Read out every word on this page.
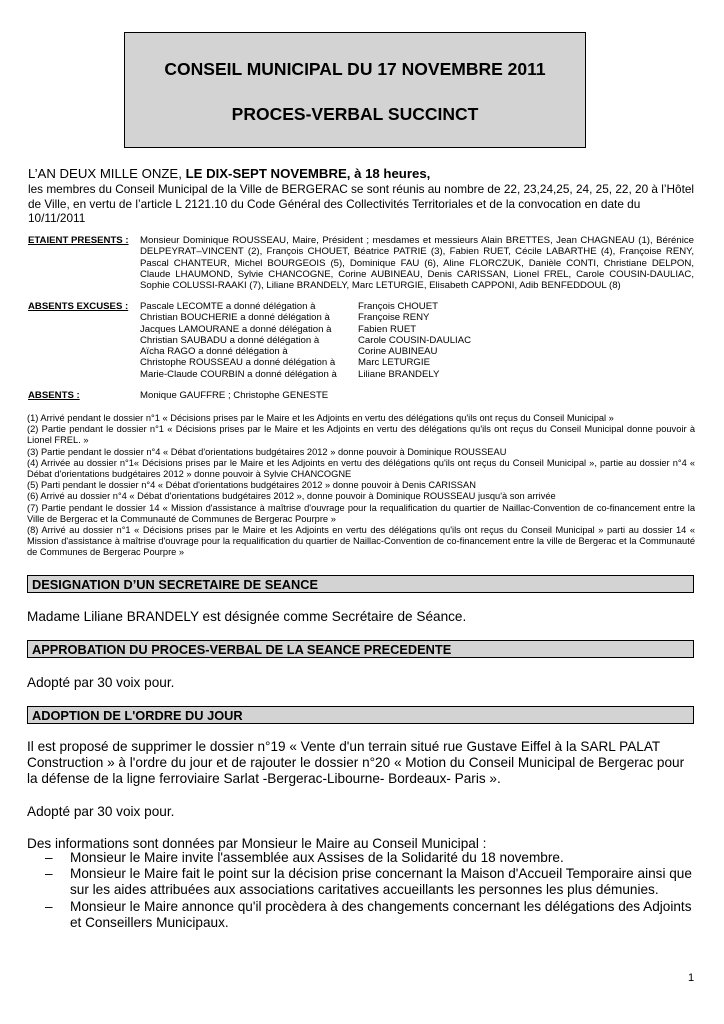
CONSEIL MUNICIPAL DU 17 NOVEMBRE 2011
PROCES-VERBAL SUCCINCT
L’AN DEUX MILLE ONZE, LE DIX-SEPT NOVEMBRE, à 18 heures,
les membres du Conseil Municipal de la Ville de BERGERAC se sont réunis au nombre de 22, 23,24,25, 24, 25, 22, 20 à l’Hôtel de Ville, en vertu de l’article L 2121.10 du Code Général des Collectivités Territoriales et de la convocation en date du 10/11/2011
ETAIENT PRESENTS : Monsieur Dominique ROUSSEAU, Maire, Président ; mesdames et messieurs Alain BRETTES, Jean CHAGNEAU (1), Bérénice DELPEYRAT–VINCENT (2), François CHOUET, Béatrice PATRIE (3), Fabien RUET, Cécile LABARTHE (4), Françoise RENY, Pascal CHANTEUR, Michel BOURGEOIS (5), Dominique FAU (6), Aline FLORCZUK, Danièle CONTI, Christiane DELPON, Claude LHAUMOND, Sylvie CHANCOGNE, Corine AUBINEAU, Denis CARISSAN, Lionel FREL, Carole COUSIN-DAULIAC, Sophie COLUSSI-RAAKI (7), Liliane BRANDELY, Marc LETURGIE, Elisabeth CAPPONI, Adib BENFEDDOUL (8)
ABSENTS EXCUSES : Pascale LECOMTE a donné délégation à	François CHOUET
Christian BOUCHERIE a donné délégation à	Françoise RENY
Jacques LAMOURANE a donné délégation à	Fabien RUET
Christian SAUBADU a donné délégation à	Carole COUSIN-DAULIAC
Aïcha RAGO a donné délégation à	Corine AUBINEAU
Christophe ROUSSEAU a donné délégation à Marc LETURGIE
Marie-Claude COURBIN a donné délégation à Liliane BRANDELY
ABSENTS :	Monique GAUFFRE ; Christophe GENESTE

(1) Arrivé pendant le dossier n°1 « Décisions prises par le Maire et les Adjoints en vertu des délégations qu'ils ont reçus du Conseil Municipal »

(2) Partie pendant le dossier n°1 « Décisions prises par le Maire et les Adjoints en vertu des délégations qu'ils ont reçus du Conseil Municipal donne pouvoir à Lionel FREL. »

(3) Partie pendant le dossier n°4 « Débat d'orientations budgétaires 2012 » donne pouvoir à Dominique ROUSSEAU

(4) Arrivée au dossier n°1« Décisions prises par le Maire et les Adjoints en vertu des délégations qu'ils ont reçus du Conseil Municipal », partie au dossier n°4 « Débat d'orientations budgétaires 2012 » donne pouvoir à Sylvie CHANCOGNE

(5) Parti pendant le dossier n°4 « Débat d'orientations budgétaires 2012 » donne pouvoir à Denis CARISSAN

(6) Arrivé au dossier n°4 « Débat d'orientations budgétaires 2012 », donne pouvoir à Dominique ROUSSEAU jusqu'à son arrivée

(7) Partie pendant le dossier 14 « Mission d'assistance à maîtrise d'ouvrage pour la requalification du quartier de Naillac-Convention de co-financement entre la Ville de Bergerac et la Communauté de Communes de Bergerac Pourpre »

(8) Arrivé au dossier n°1 « Décisions prises par le Maire et les Adjoints en vertu des délégations qu'ils ont reçus du Conseil Municipal » parti au dossier 14 « Mission d'assistance à maîtrise d'ouvrage pour la requalification du quartier de Naillac-Convention de co-financement entre la ville de Bergerac et la Communauté de Communes de Bergerac Pourpre »

DESIGNATION D’UN SECRETAIRE DE SEANCE
Madame Liliane BRANDELY est désignée comme Secrétaire de Séance.
APPROBATION DU PROCES-VERBAL DE LA SEANCE PRECEDENTE
Adopté par 30 voix pour.
ADOPTION DE L'ORDRE DU JOUR

Il est proposé de supprimer le dossier n°19 « Vente d'un terrain situé rue Gustave Eiffel à la SARL PALAT Construction » à l'ordre du jour et de rajouter le dossier n°20 « Motion du Conseil Municipal de Bergerac pour la défense de la ligne ferroviaire Sarlat -Bergerac-Libourne- Bordeaux- Paris ».

Adopté par 30 voix pour.

Des informations sont données par Monsieur le Maire au Conseil Municipal :

– Monsieur le Maire invite l'assemblée aux Assises de la Solidarité du 18 novembre.
– Monsieur le Maire fait le point sur la décision prise concernant la Maison d'Accueil Temporaire ainsi que sur les aides attribuées aux associations caritatives accueillants les personnes les plus démunies.
– Monsieur le Maire annonce qu'il procèdera à des changements concernant les délégations des Adjoints et Conseillers Municipaux.
1
